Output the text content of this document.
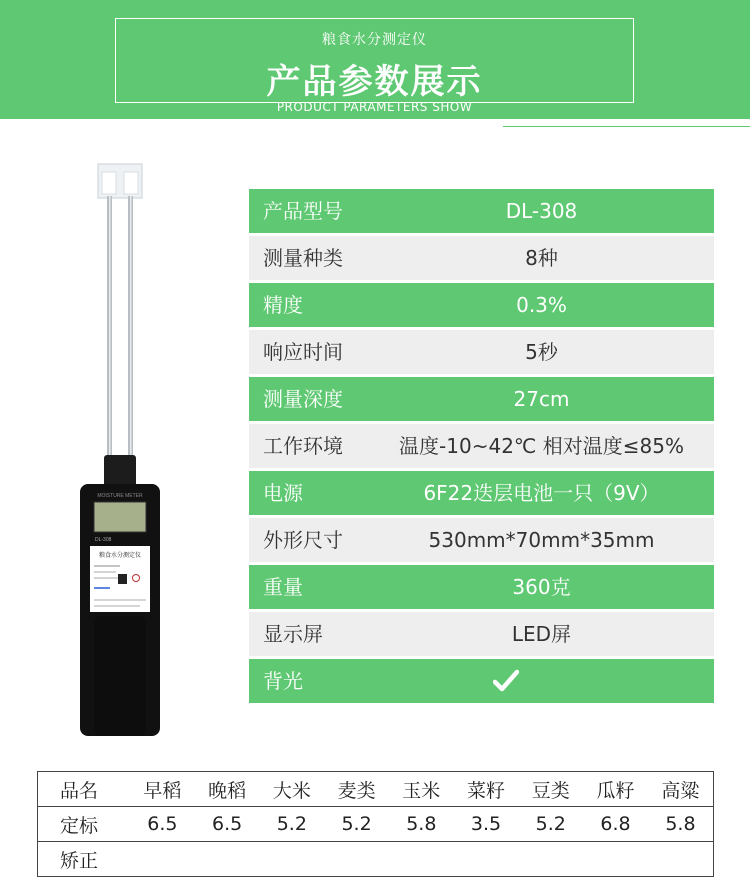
粮食水分测定仪
产品参数展示
PRODUCT PARAMETERS SHOW
MOISTURE METER
DL-308
粮食水分测定仪
产品型号	DL-308
测量种类	8种
精度	0.3%
响应时间	5秒
测量深度	27cm
工作环境	温度-10~42℃ 相对温度≤85%
电源	6F22迭层电池一只（9V）
外形尺寸	530mm*70mm*35mm
重量	360克
显示屏	LED屏
背光
品名	早稻	晚稻	大米	麦类	玉米	菜籽	豆类	瓜籽	高粱
定标	6.5	6.5	5.2	5.2	5.8	3.5	5.2	6.8	5.8
矫正									
